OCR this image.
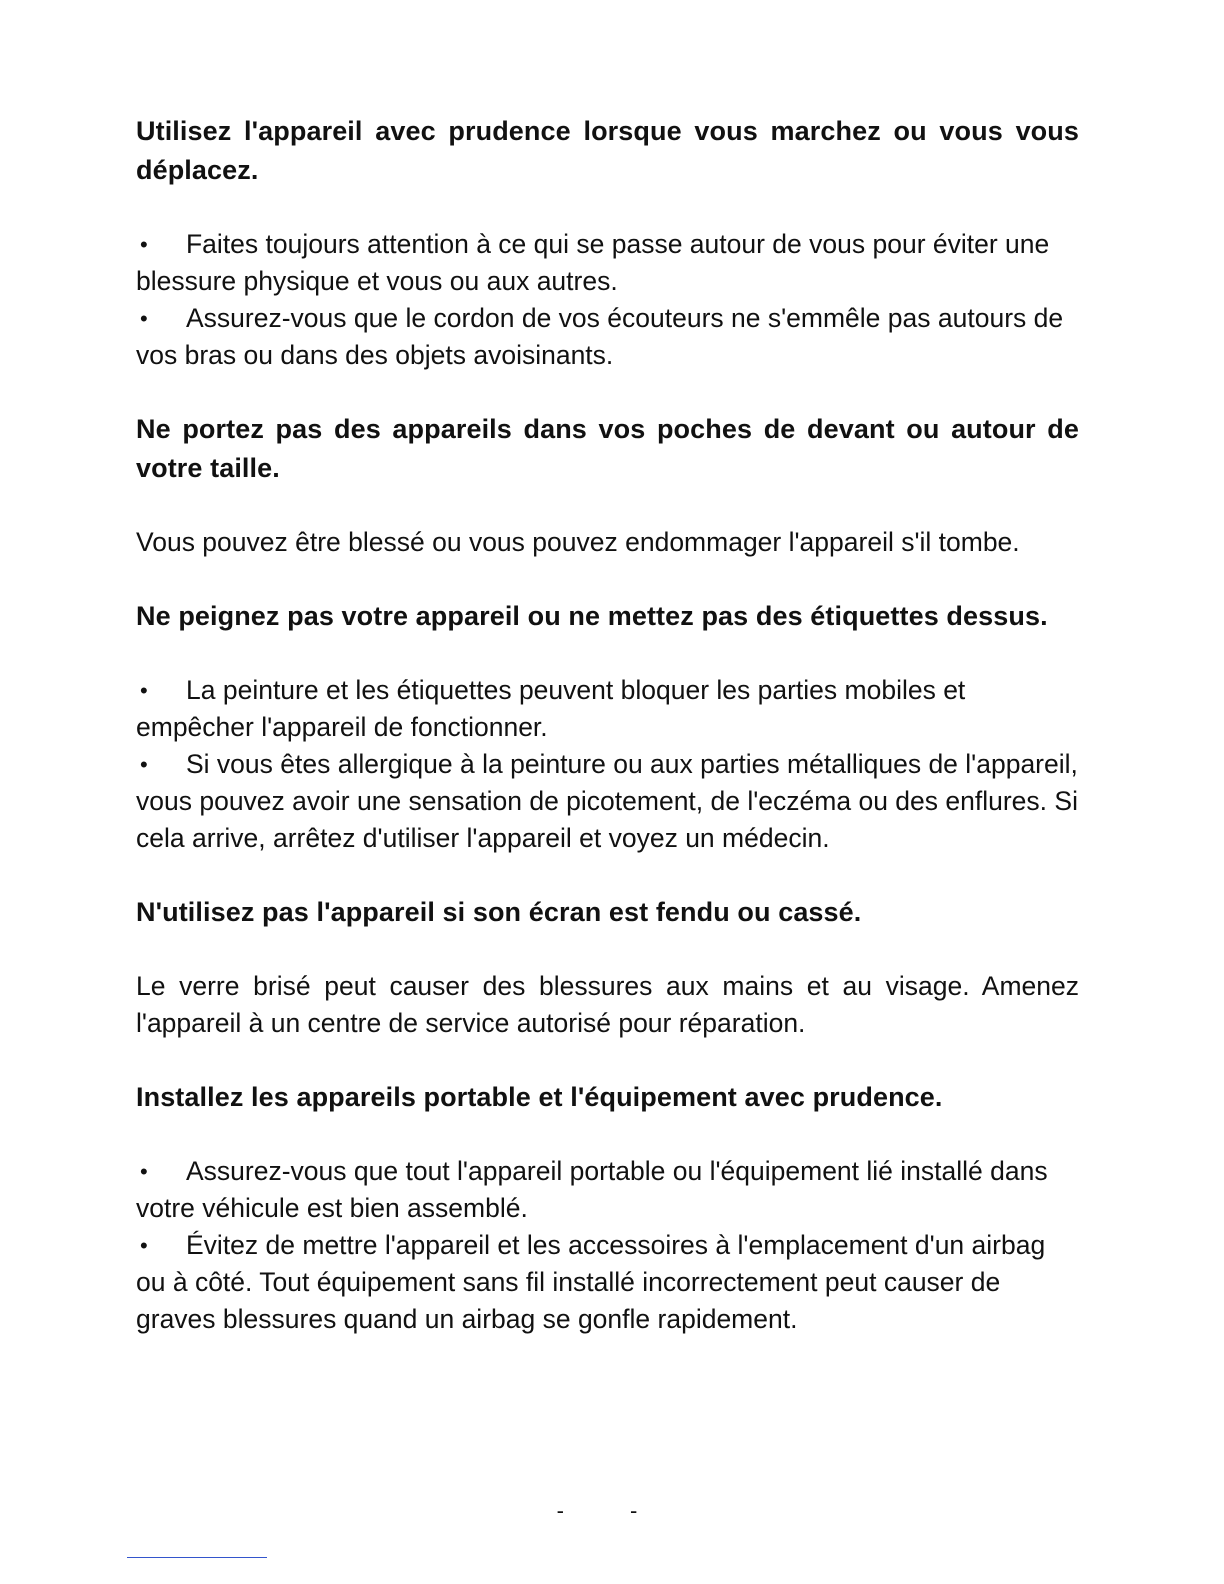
Utilisez l'appareil avec prudence lorsque vous marchez ou vous vous déplacez.

• Faites toujours attention à ce qui se passe autour de vous pour éviter une blessure physique et vous ou aux autres.
• Assurez-vous que le cordon de vos écouteurs ne s'emmêle pas autours de vos bras ou dans des objets avoisinants.

Ne portez pas des appareils dans vos poches de devant ou autour de votre taille.

Vous pouvez être blessé ou vous pouvez endommager l'appareil s'il tombe.

Ne peignez pas votre appareil ou ne mettez pas des étiquettes dessus.

• La peinture et les étiquettes peuvent bloquer les parties mobiles et empêcher l'appareil de fonctionner.
• Si vous êtes allergique à la peinture ou aux parties métalliques de l'appareil, vous pouvez avoir une sensation de picotement, de l'eczéma ou des enflures. Si cela arrive, arrêtez d'utiliser l'appareil et voyez un médecin.

N'utilisez pas l'appareil si son écran est fendu ou cassé.

Le verre brisé peut causer des blessures aux mains et au visage. Amenez l'appareil à un centre de service autorisé pour réparation.

Installez les appareils portable et l'équipement avec prudence.

• Assurez-vous que tout l'appareil portable ou l'équipement lié installé dans votre véhicule est bien assemblé.
• Évitez de mettre l'appareil et les accessoires à l'emplacement d'un airbag ou à côté. Tout équipement sans fil installé incorrectement peut causer de graves blessures quand un airbag se gonfle rapidement.
- -
